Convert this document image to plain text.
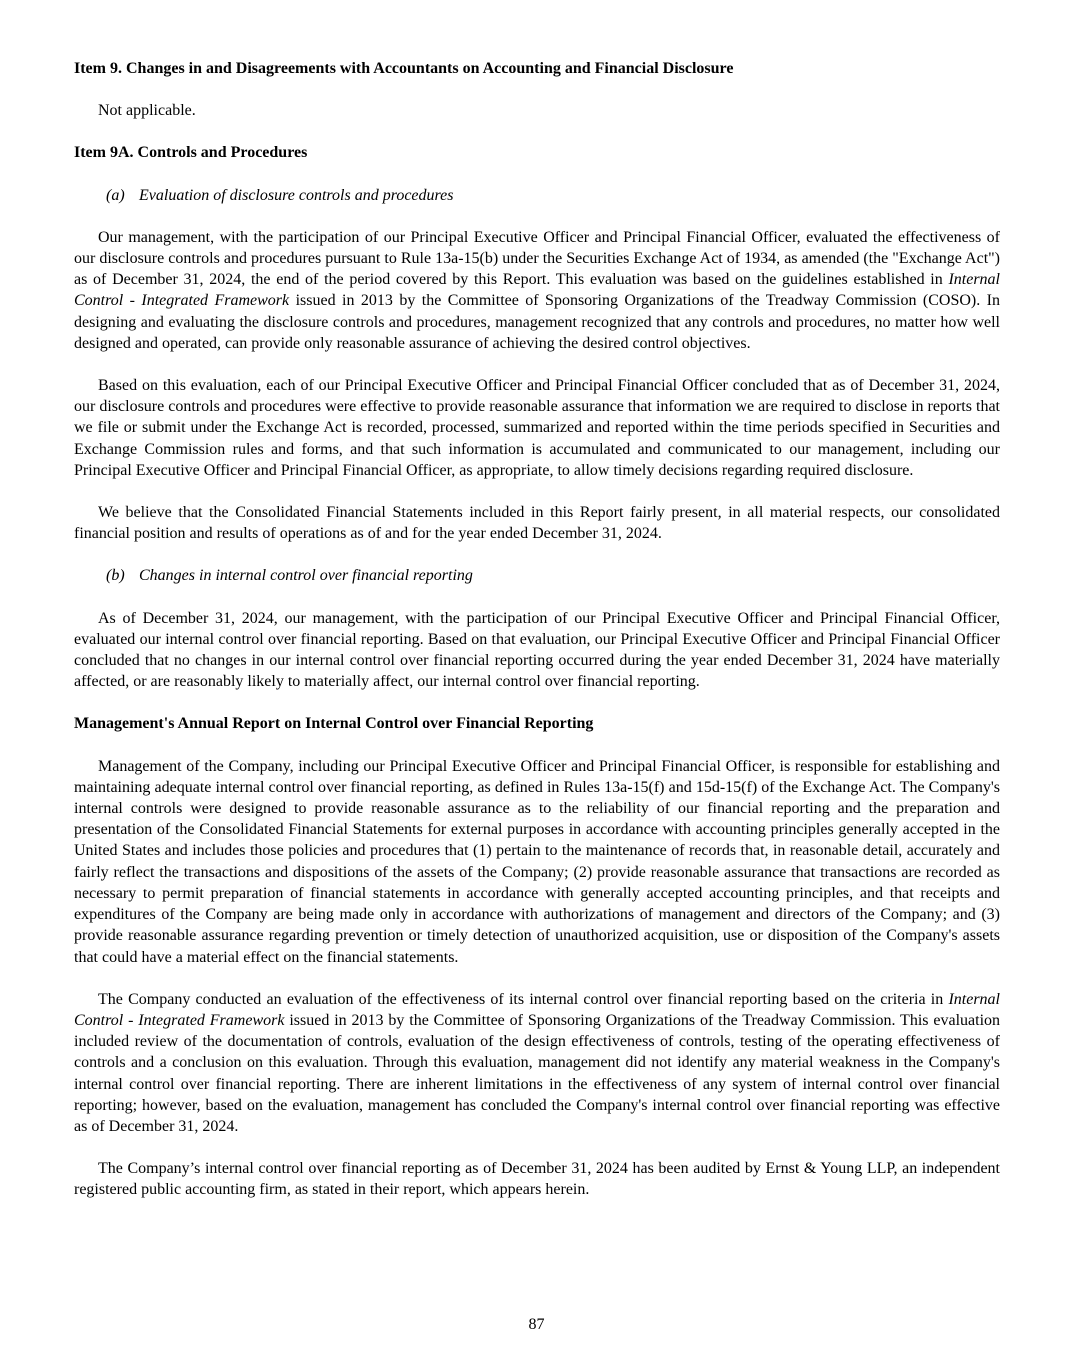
Item 9. Changes in and Disagreements with Accountants on Accounting and Financial Disclosure
Not applicable.
Item 9A. Controls and Procedures
(a) Evaluation of disclosure controls and procedures

Our management, with the participation of our Principal Executive Officer and Principal Financial Officer, evaluated the effectiveness of our disclosure controls and procedures pursuant to Rule 13a-15(b) under the Securities Exchange Act of 1934, as amended (the "Exchange Act") as of December 31, 2024, the end of the period covered by this Report. This evaluation was based on the guidelines established in Internal Control - Integrated Framework issued in 2013 by the Committee of Sponsoring Organizations of the Treadway Commission (COSO). In designing and evaluating the disclosure controls and procedures, management recognized that any controls and procedures, no matter how well designed and operated, can provide only reasonable assurance of achieving the desired control objectives.

Based on this evaluation, each of our Principal Executive Officer and Principal Financial Officer concluded that as of December 31, 2024, our disclosure controls and procedures were effective to provide reasonable assurance that information we are required to disclose in reports that we file or submit under the Exchange Act is recorded, processed, summarized and reported within the time periods specified in Securities and Exchange Commission rules and forms, and that such information is accumulated and communicated to our management, including our Principal Executive Officer and Principal Financial Officer, as appropriate, to allow timely decisions regarding required disclosure.

We believe that the Consolidated Financial Statements included in this Report fairly present, in all material respects, our consolidated financial position and results of operations as of and for the year ended December 31, 2024.

(b) Changes in internal control over financial reporting

As of December 31, 2024, our management, with the participation of our Principal Executive Officer and Principal Financial Officer, evaluated our internal control over financial reporting. Based on that evaluation, our Principal Executive Officer and Principal Financial Officer concluded that no changes in our internal control over financial reporting occurred during the year ended December 31, 2024 have materially affected, or are reasonably likely to materially affect, our internal control over financial reporting.

Management's Annual Report on Internal Control over Financial Reporting

Management of the Company, including our Principal Executive Officer and Principal Financial Officer, is responsible for establishing and maintaining adequate internal control over financial reporting, as defined in Rules 13a-15(f) and 15d-15(f) of the Exchange Act. The Company's internal controls were designed to provide reasonable assurance as to the reliability of our financial reporting and the preparation and presentation of the Consolidated Financial Statements for external purposes in accordance with accounting principles generally accepted in the United States and includes those policies and procedures that (1) pertain to the maintenance of records that, in reasonable detail, accurately and fairly reflect the transactions and dispositions of the assets of the Company; (2) provide reasonable assurance that transactions are recorded as necessary to permit preparation of financial statements in accordance with generally accepted accounting principles, and that receipts and expenditures of the Company are being made only in accordance with authorizations of management and directors of the Company; and (3) provide reasonable assurance regarding prevention or timely detection of unauthorized acquisition, use or disposition of the Company's assets that could have a material effect on the financial statements.

The Company conducted an evaluation of the effectiveness of its internal control over financial reporting based on the criteria in Internal Control - Integrated Framework issued in 2013 by the Committee of Sponsoring Organizations of the Treadway Commission. This evaluation included review of the documentation of controls, evaluation of the design effectiveness of controls, testing of the operating effectiveness of controls and a conclusion on this evaluation. Through this evaluation, management did not identify any material weakness in the Company's internal control over financial reporting. There are inherent limitations in the effectiveness of any system of internal control over financial reporting; however, based on the evaluation, management has concluded the Company's internal control over financial reporting was effective as of December 31, 2024.

The Company’s internal control over financial reporting as of December 31, 2024 has been audited by Ernst & Young LLP, an independent registered public accounting firm, as stated in their report, which appears herein.

87
